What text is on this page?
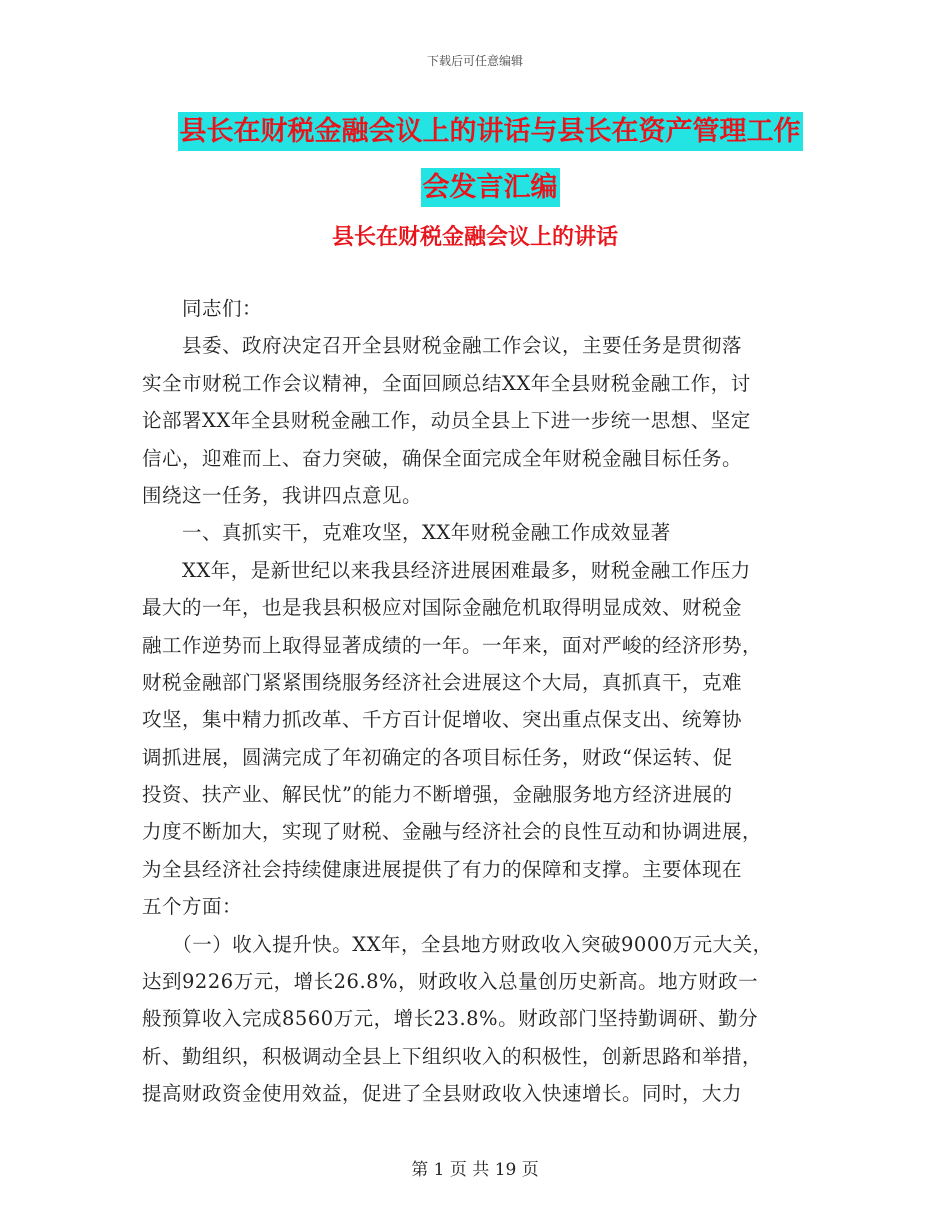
下载后可任意编辑
县长在财税金融会议上的讲话与县长在资产管理工作
会发言汇编
县长在财税金融会议上的讲话
　　同志们：
　　县委、政府决定召开全县财税金融工作会议，主要任务是贯彻落
实全市财税工作会议精神，全面回顾总结XX年全县财税金融工作，讨
论部署XX年全县财税金融工作，动员全县上下进一步统一思想、坚定
信心，迎难而上、奋力突破，确保全面完成全年财税金融目标任务。
围绕这一任务，我讲四点意见。
　　一、真抓实干，克难攻坚，XX年财税金融工作成效显著
　　XX年，是新世纪以来我县经济进展困难最多，财税金融工作压力
最大的一年，也是我县积极应对国际金融危机取得明显成效、财税金
融工作逆势而上取得显著成绩的一年。一年来，面对严峻的经济形势，
财税金融部门紧紧围绕服务经济社会进展这个大局，真抓真干，克难
攻坚，集中精力抓改革、千方百计促增收、突出重点保支出、统筹协
调抓进展，圆满完成了年初确定的各项目标任务，财政“保运转、促
投资、扶产业、解民忧”的能力不断增强，金融服务地方经济进展的
力度不断加大，实现了财税、金融与经济社会的良性互动和协调进展，
为全县经济社会持续健康进展提供了有力的保障和支撑。主要体现在
五个方面：
　　（一）收入提升快。XX年，全县地方财政收入突破9000万元大关，
达到9226万元，增长26.8%，财政收入总量创历史新高。地方财政一
般预算收入完成8560万元，增长23.8%。财政部门坚持勤调研、勤分
析、勤组织，积极调动全县上下组织收入的积极性，创新思路和举措，
提高财政资金使用效益，促进了全县财政收入快速增长。同时，大力
第 1 页 共 19 页
